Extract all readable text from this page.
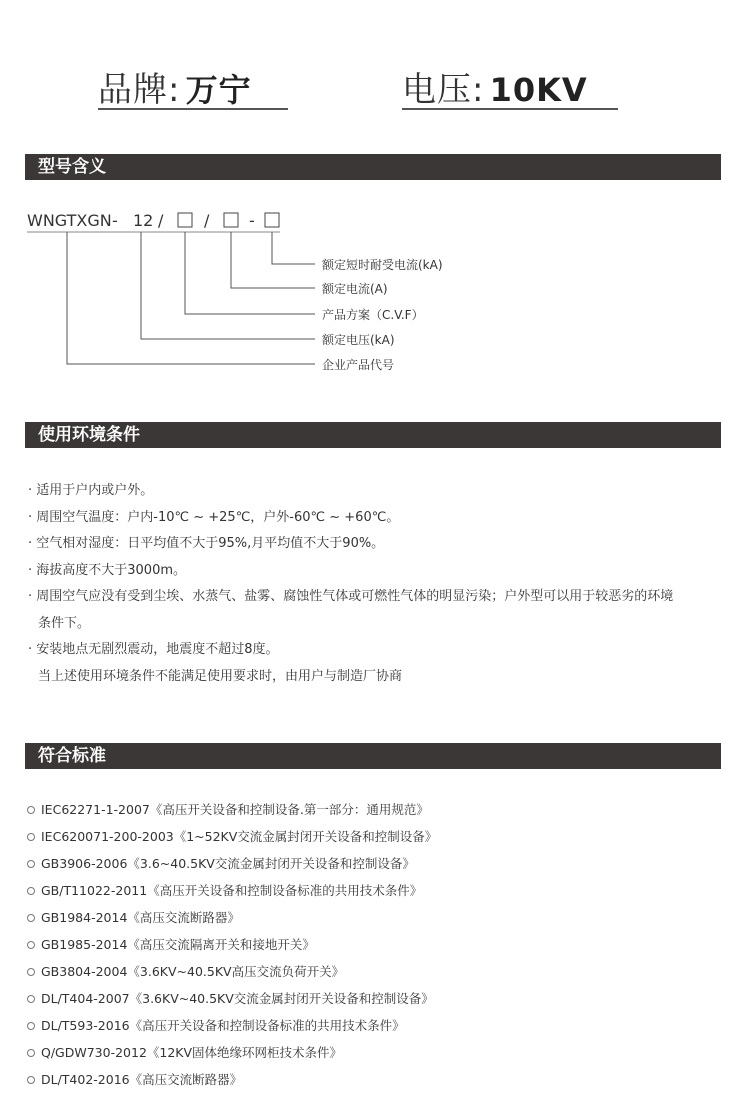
品牌: 万宁	电压: 10KV
型号含义
WNGTXGN - 12 /	/ -
额定短时耐受电流(kA)
额定电流(A)
产品方案（C.V.F）
额定电压(kA)
企业产品代号
使用环境条件
· 适用于户内或户外。
· 周围空气温度：户内-10℃ ~ +25℃，户外-60℃ ~ +60℃。
· 空气相对湿度：日平均值不大于95%,月平均值不大于90%。
· 海拔高度不大于3000m。
· 周围空气应没有受到尘埃、水蒸气、盐雾、腐蚀性气体或可燃性气体的明显污染；户外型可以用于较恶劣的环境
条件下。
· 安装地点无剧烈震动，地震度不超过8度。
当上述使用环境条件不能满足使用要求时，由用户与制造厂协商
符合标准
IEC62271-1-2007《高压开关设备和控制设备.第一部分：通用规范》
IEC620071-200-2003《1~52KV交流金属封闭开关设备和控制设备》
GB3906-2006《3.6~40.5KV交流金属封闭开关设备和控制设备》
GB/T11022-2011《高压开关设备和控制设备标准的共用技术条件》
GB1984-2014《高压交流断路器》
GB1985-2014《高压交流隔离开关和接地开关》
GB3804-2004《3.6KV~40.5KV高压交流负荷开关》
DL/T404-2007《3.6KV~40.5KV交流金属封闭开关设备和控制设备》
DL/T593-2016《高压开关设备和控制设备标准的共用技术条件》
Q/GDW730-2012《12KV固体绝缘环网柜技术条件》
DL/T402-2016《高压交流断路器》
